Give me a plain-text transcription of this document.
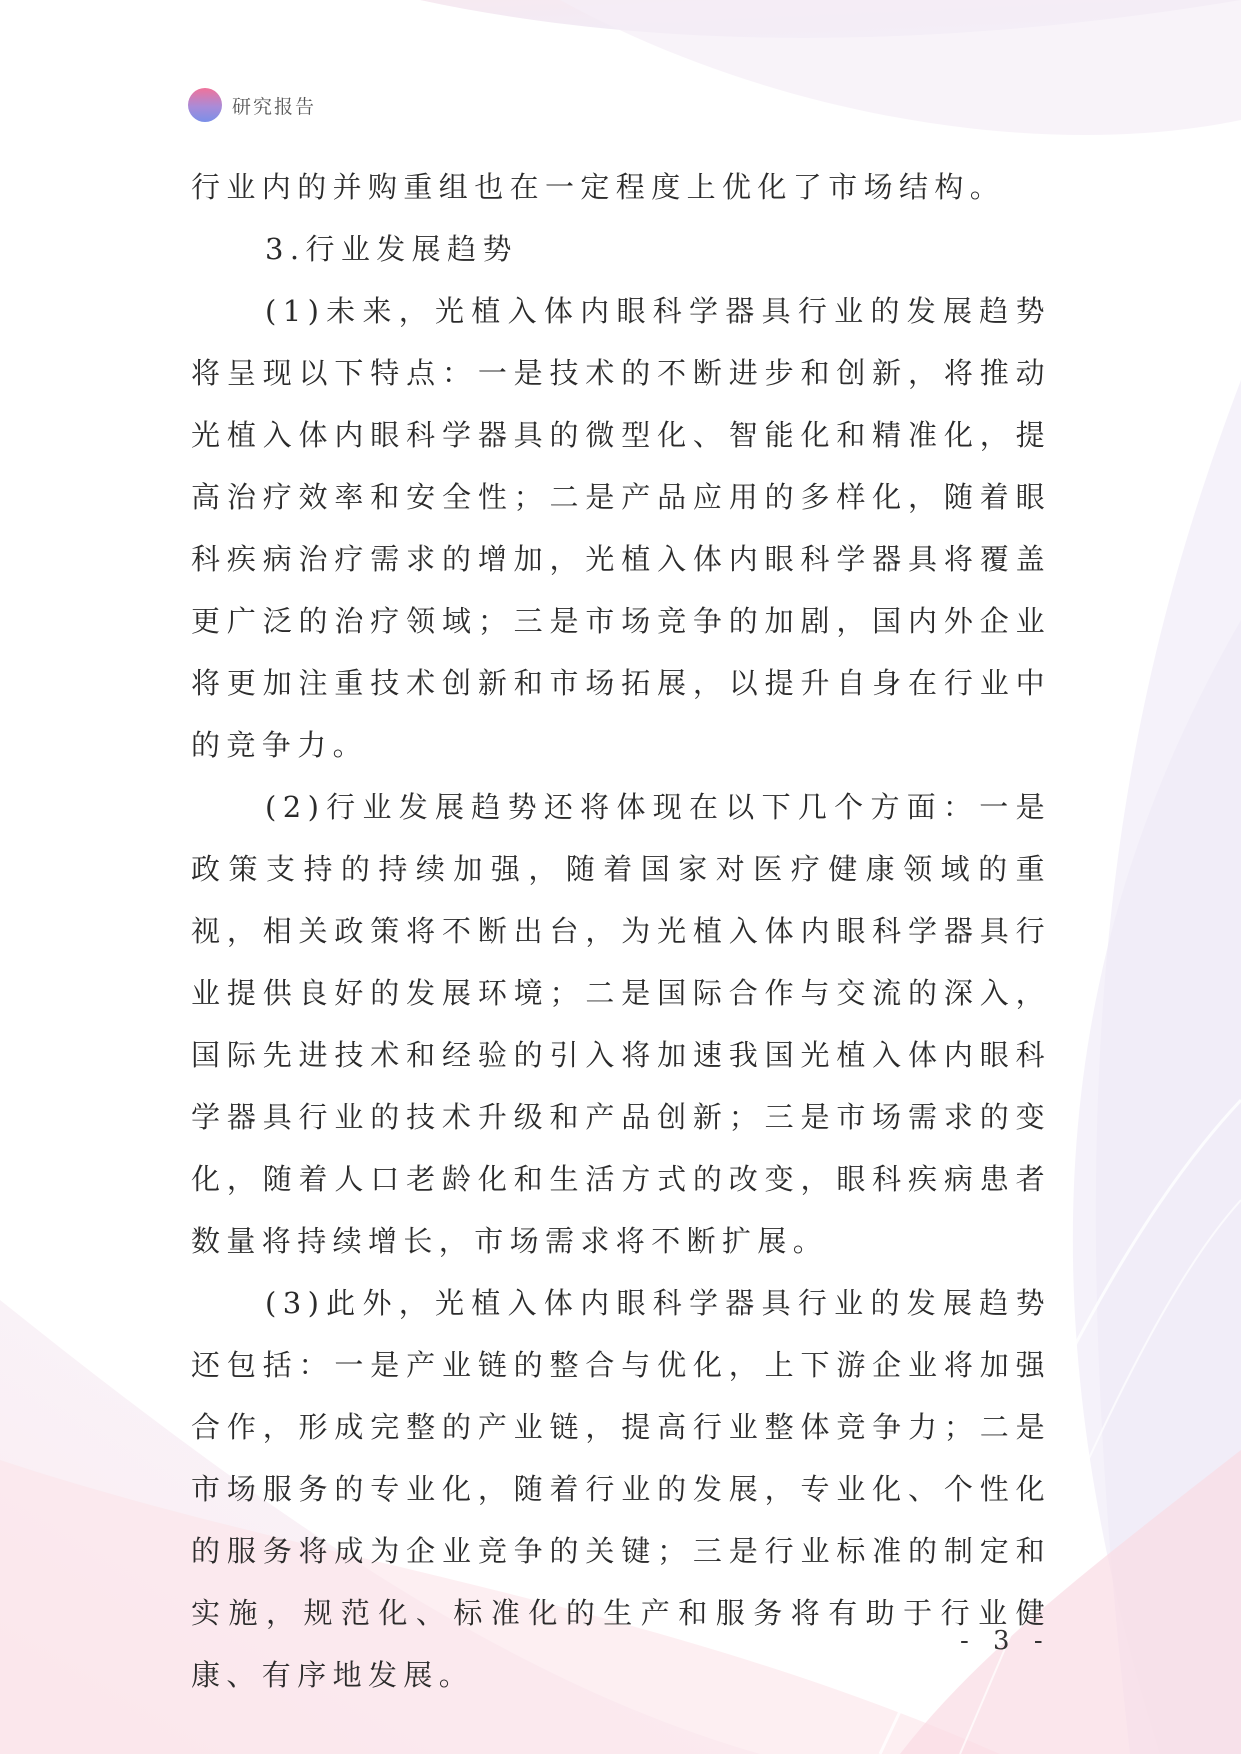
研究报告

行业内的并购重组也在一定程度上优化了市场结构。

3.行业发展趋势

(1)未来，光植入体内眼科学器具行业的发展趋势将呈现以下特点：一是技术的不断进步和创新，将推动光植入体内眼科学器具的微型化、智能化和精准化，提高治疗效率和安全性；二是产品应用的多样化，随着眼科疾病治疗需求的增加，光植入体内眼科学器具将覆盖更广泛的治疗领域；三是市场竞争的加剧，国内外企业将更加注重技术创新和市场拓展，以提升自身在行业中的竞争力。

(2)行业发展趋势还将体现在以下几个方面：一是政策支持的持续加强，随着国家对医疗健康领域的重视，相关政策将不断出台，为光植入体内眼科学器具行业提供良好的发展环境；二是国际合作与交流的深入，国际先进技术和经验的引入将加速我国光植入体内眼科学器具行业的技术升级和产品创新；三是市场需求的变化，随着人口老龄化和生活方式的改变，眼科疾病患者数量将持续增长，市场需求将不断扩展。

(3)此外，光植入体内眼科学器具行业的发展趋势还包括：一是产业链的整合与优化，上下游企业将加强合作，形成完整的产业链，提高行业整体竞争力；二是市场服务的专业化，随着行业的发展，专业化、个性化的服务将成为企业竞争的关键；三是行业标准的制定和实施，规范化、标准化的生产和服务将有助于行业健康、有序地发展。

- 3 -
